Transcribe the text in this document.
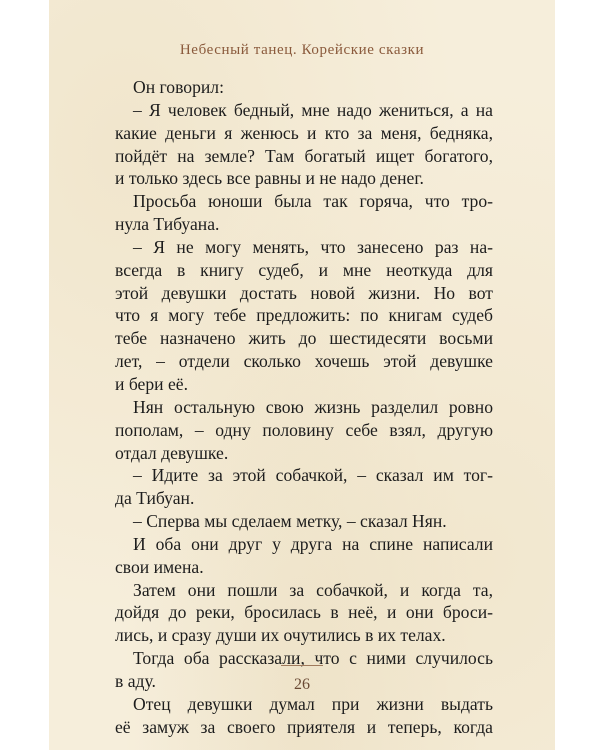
Небесный танец. Корейские сказки
Он говорил:
– Я человек бедный, мне надо жениться, а на
какие деньги я женюсь и кто за меня, бедняка,
пойдёт на земле? Там богатый ищет богатого,
и только здесь все равны и не надо денег.
Просьба юноши была так горяча, что тро-
нула Тибуана.
– Я не могу менять, что занесено раз на-
всегда в книгу судеб, и мне неоткуда для
этой девушки достать новой жизни. Но вот
что я могу тебе предложить: по книгам судеб
тебе назначено жить до шестидесяти восьми
лет, – отдели сколько хочешь этой девушке
и бери её.
Нян остальную свою жизнь разделил ровно
пополам, – одну половину себе взял, другую
отдал девушке.
– Идите за этой собачкой, – сказал им тог-
да Тибуан.
– Сперва мы сделаем метку, – сказал Нян.
И оба они друг у друга на спине написали
свои имена.
Затем они пошли за собачкой, и когда та,
дойдя до реки, бросилась в неё, и они броси-
лись, и сразу души их очутились в их телах.
Тогда оба рассказали, что с ними случилось
в аду.
Отец девушки думал при жизни выдать
её замуж за своего приятеля и теперь, когда
26
